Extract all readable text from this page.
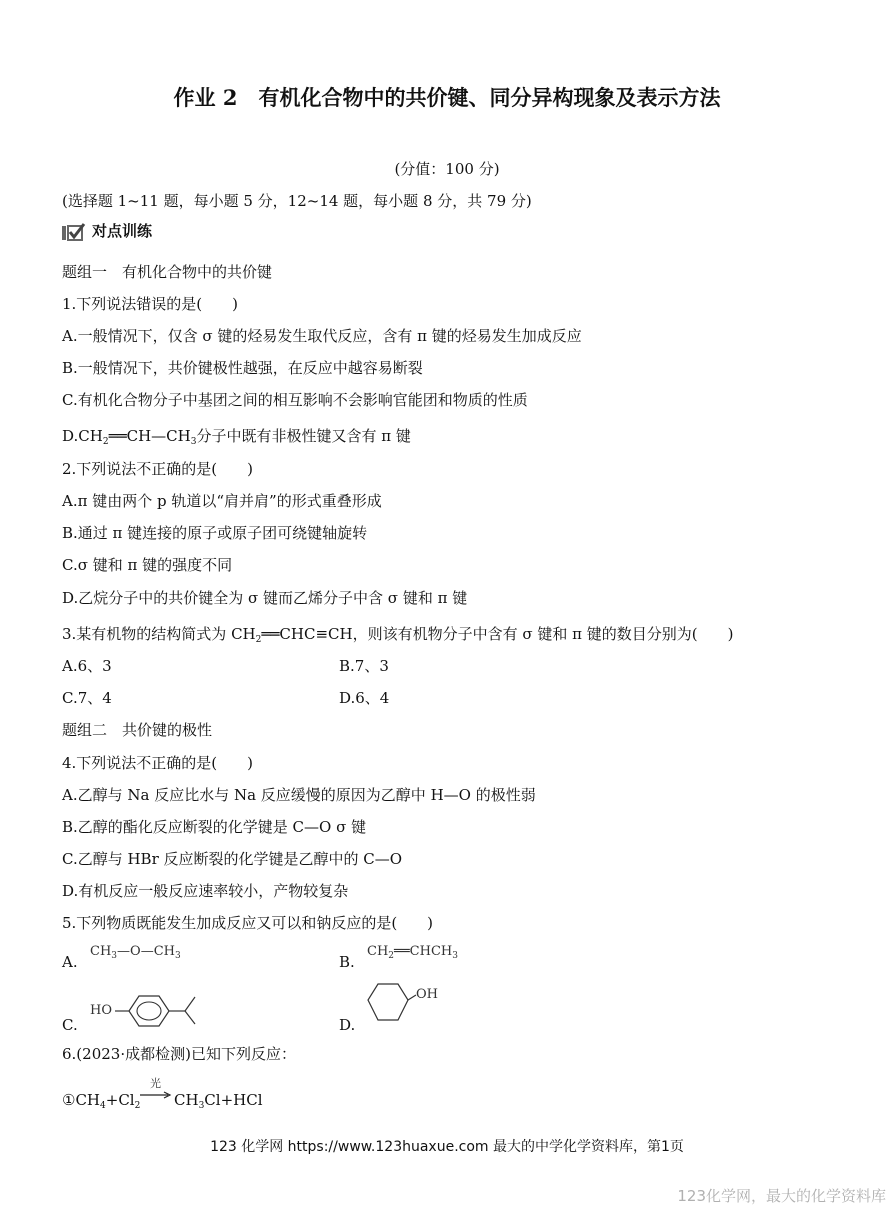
作业 2　有机化合物中的共价键、同分异构现象及表示方法
(分值：100 分)
(选择题 1~11 题，每小题 5 分，12~14 题，每小题 8 分，共 79 分)
对点训练
题组一　有机化合物中的共价键
1.下列说法错误的是(　　)
A.一般情况下，仅含 σ 键的烃易发生取代反应，含有 π 键的烃易发生加成反应
B.一般情况下，共价键极性越强，在反应中越容易断裂
C.有机化合物分子中基团之间的相互影响不会影响官能团和物质的性质
$D.CH_2══CH—CH_3$分子中既有非极性键又含有 π 键
2.下列说法不正确的是(　　)
A.π 键由两个 p 轨道以“肩并肩”的形式重叠形成
B.通过 π 键连接的原子或原子团可绕键轴旋转
C.σ 键和 π 键的强度不同
D.乙烷分子中的共价键全为 σ 键而乙烯分子中含 σ 键和 π 键
3.某有机物的结构简式为 $CH_2══CHC\equiv CH$，则该有机物分子中含有 σ 键和 π 键的数目分别为(　　)
A.6、3	B.7、3
C.7、4	D.6、4
题组二　共价键的极性
4.下列说法不正确的是(　　)
A.乙醇与 Na 反应比水与 Na 反应缓慢的原因为乙醇中 H—O 的极性弱
B.乙醇的酯化反应断裂的化学键是 C—O σ 键
C.乙醇与 HBr 反应断裂的化学键是乙醇中的 C—O
D.有机反应一般反应速率较小，产物较复杂
5.下列物质既能发生加成反应又可以和钠反应的是(　　)
A.
$CH_3—O—CH_3$	B.
$CH_2══CHCH_3$
C.
HO
D.
OH
6.(2023·成都检测)已知下列反应：
$①CH_4+Cl_2$
光
→ $CH_3Cl+HCl$
123 化学网 https://www.123huaxue.com 最大的中学化学资料库，第1页
123化学网，最大的化学资料库
